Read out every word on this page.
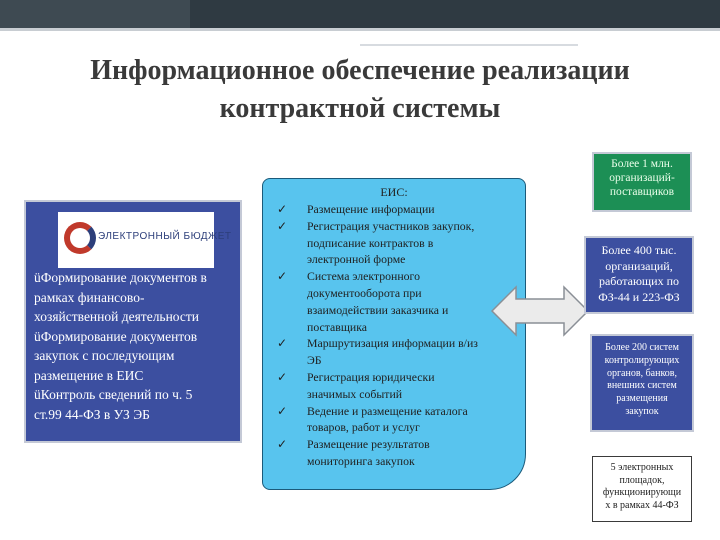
Информационное обеспечение реализации
контрактной системы
ЭЛЕКТРОННЫЙ БЮДЖЕТ
üФормирование документов в
рамках финансово-
хозяйственной деятельности
üФормирование документов
закупок с последующим
размещение в ЕИС
üКонтроль сведений по ч. 5
ст.99 44-ФЗ в УЗ ЭБ
ЕИС:
✓ Размещение информации
✓ Регистрация участников закупок,
подписание контрактов в
электронной форме
✓ Система электронного
документооборота при
взаимодействии заказчика и
поставщика
✓ Маршрутизация информации в/из
ЭБ
✓ Регистрация юридически
значимых событий
✓ Ведение и размещение каталога
товаров, работ и услуг
✓ Размещение результатов
мониторинга закупок
Более 1 млн.
организаций-
поставщиков
Более 400 тыс.
организаций,
работающих по
ФЗ-44 и 223-ФЗ
Более 200 систем
контролирующих
органов, банков,
внешних систем
размещения
закупок
5 электронных
площадок,
функционирующи
х в рамках 44-ФЗ
